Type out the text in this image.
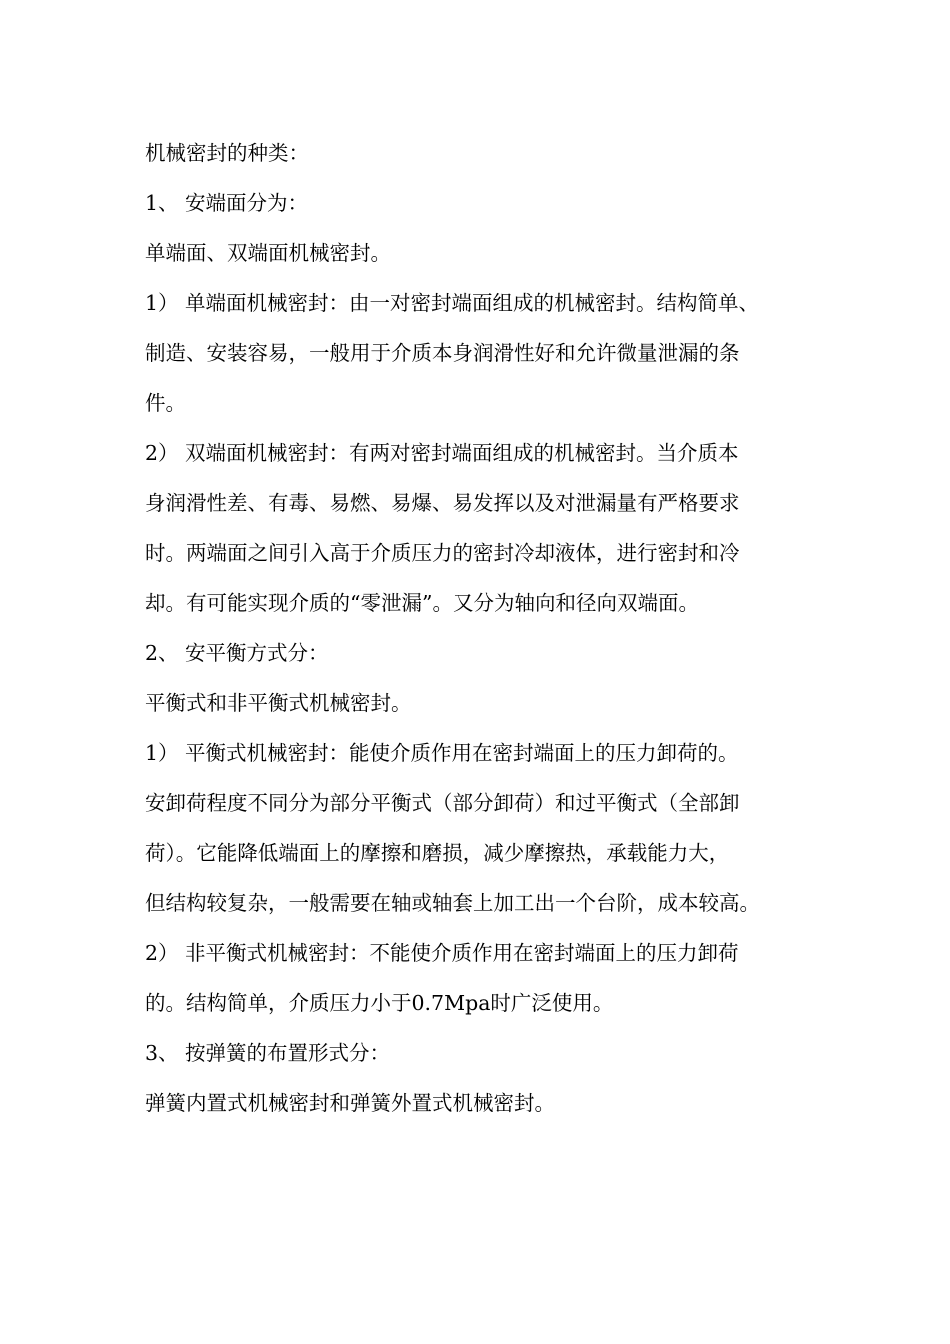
机械密封的种类：
1、 安端面分为：
单端面、双端面机械密封。
1） 单端面机械密封：由一对密封端面组成的机械密封。结构简单、
制造、安装容易，一般用于介质本身润滑性好和允许微量泄漏的条
件。
2） 双端面机械密封：有两对密封端面组成的机械密封。当介质本
身润滑性差、有毒、易燃、易爆、易发挥以及对泄漏量有严格要求
时。两端面之间引入高于介质压力的密封冷却液体，进行密封和冷
却。有可能实现介质的“零泄漏”。又分为轴向和径向双端面。
2、 安平衡方式分：
平衡式和非平衡式机械密封。
1） 平衡式机械密封：能使介质作用在密封端面上的压力卸荷的。
安卸荷程度不同分为部分平衡式（部分卸荷）和过平衡式（全部卸
荷）。它能降低端面上的摩擦和磨损，减少摩擦热，承载能力大，
但结构较复杂，一般需要在轴或轴套上加工出一个台阶，成本较高。
2） 非平衡式机械密封：不能使介质作用在密封端面上的压力卸荷
的。结构简单，介质压力小于0.7Mpa时广泛使用。
3、 按弹簧的布置形式分：
弹簧内置式机械密封和弹簧外置式机械密封。
